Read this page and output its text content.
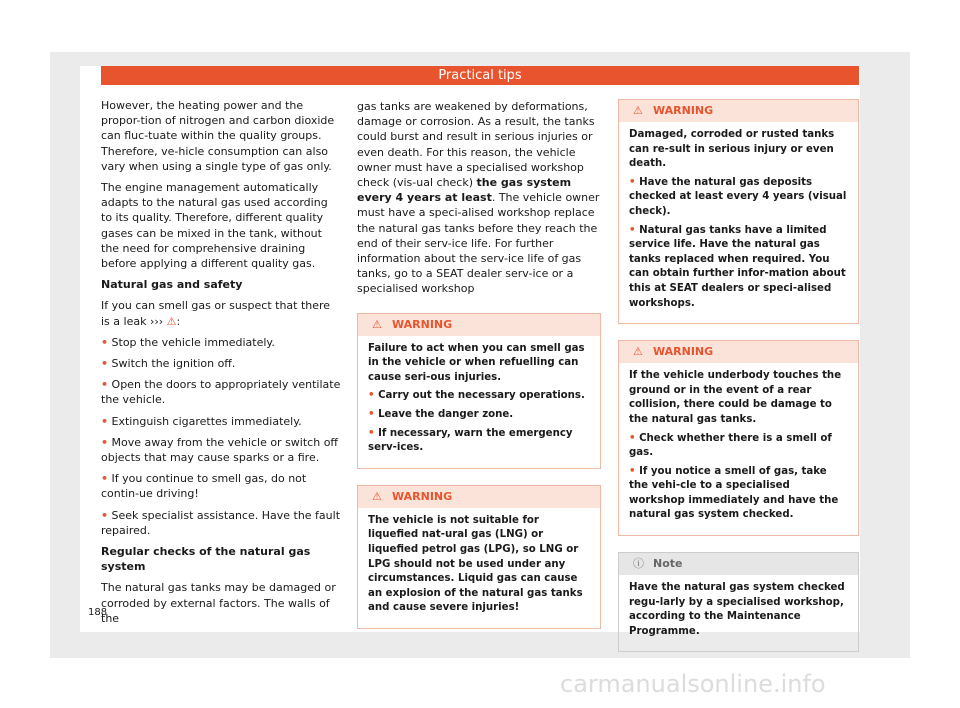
Practical tips

However, the heating power and the propor-tion of nitrogen and carbon dioxide can fluc-tuate within the quality groups. Therefore, ve-hicle consumption can also vary when using a single type of gas only.

The engine management automatically adapts to the natural gas used according to its quality. Therefore, different quality gases can be mixed in the tank, without the need for comprehensive draining before applying a different quality gas.

Natural gas and safety

If you can smell gas or suspect that there is a leak ››› ⚠:

• Stop the vehicle immediately.

• Switch the ignition off.

• Open the doors to appropriately ventilate the vehicle.

• Extinguish cigarettes immediately.

• Move away from the vehicle or switch off objects that may cause sparks or a fire.

• If you continue to smell gas, do not contin-ue driving!

• Seek specialist assistance. Have the fault repaired.

Regular checks of the natural gas system

The natural gas tanks may be damaged or corroded by external factors. The walls of the

gas tanks are weakened by deformations, damage or corrosion. As a result, the tanks could burst and result in serious injuries or even death. For this reason, the vehicle owner must have a specialised workshop check (vis-ual check) the gas system every 4 years at least. The vehicle owner must have a speci-alised workshop replace the natural gas tanks before they reach the end of their serv-ice life. For further information about the serv-ice life of gas tanks, go to a SEAT dealer serv-ice or a specialised workshop

⚠ WARNING

Failure to act when you can smell gas in the vehicle or when refuelling can cause seri-ous injuries.

• Carry out the necessary operations.

• Leave the danger zone.

• If necessary, warn the emergency serv-ices.

⚠ WARNING

The vehicle is not suitable for liquefied nat-ural gas (LNG) or liquefied petrol gas (LPG), so LNG or LPG should not be used under any circumstances. Liquid gas can cause an explosion of the natural gas tanks and cause severe injuries!

⚠ WARNING

Damaged, corroded or rusted tanks can re-sult in serious injury or even death.

• Have the natural gas deposits checked at least every 4 years (visual check).

• Natural gas tanks have a limited service life. Have the natural gas tanks replaced when required. You can obtain further infor-mation about this at SEAT dealers or speci-alised workshops.

⚠ WARNING

If the vehicle underbody touches the ground or in the event of a rear collision, there could be damage to the natural gas tanks.

• Check whether there is a smell of gas.

• If you notice a smell of gas, take the vehi-cle to a specialised workshop immediately and have the natural gas system checked.

ⓘ Note

Have the natural gas system checked regu-larly by a specialised workshop, according to the Maintenance Programme.

188
carmanualsonline.info
